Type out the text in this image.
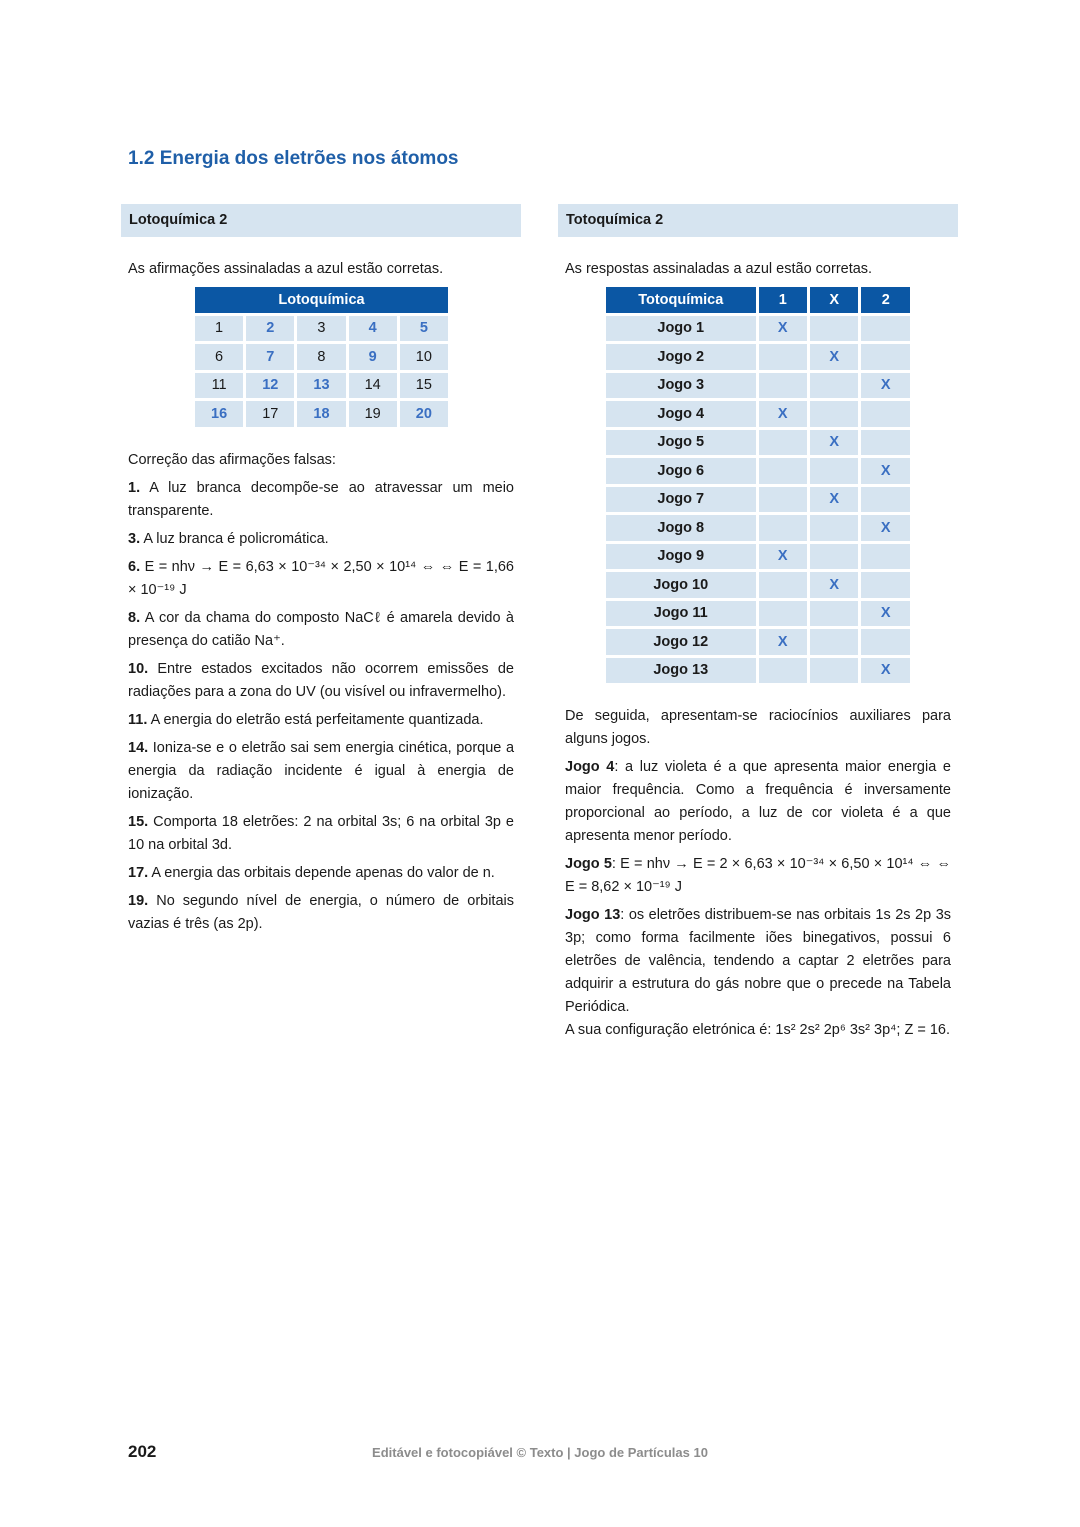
1.2 Energia dos eletrões nos átomos
Lotoquímica 2	Totoquímica 2
As afirmações assinaladas a azul estão corretas.	As respostas assinaladas a azul estão corretas.
Lotoquímica				
1	2	3	4	5
6	7	8	9	10
11	12	13	14	15
16	17	18	19	20
Totoquímica	1	X	2
Jogo 1	X		
Jogo 2		X	
Jogo 3			X
Jogo 4	X		
Jogo 5		X	
Jogo 6			X
Jogo 7		X	
Jogo 8			X
Jogo 9	X		
Jogo 10		X	
Jogo 11			X
Jogo 12	X		
Jogo 13			X

Correção das afirmações falsas:

1. A luz branca decompõe-se ao atravessar um meio transparente.

3. A luz branca é policromática.

6. E = nhν → E = 6,63 × 10⁻³⁴ × 2,50 × 10¹⁴ ⇔ ⇔ E = 1,66 × 10⁻¹⁹ J

8. A cor da chama do composto NaCℓ é amarela devido à presença do catião Na⁺.

10. Entre estados excitados não ocorrem emissões de radiações para a zona do UV (ou visível ou infravermelho).

11. A energia do eletrão está perfeitamente quantizada.

14. Ioniza-se e o eletrão sai sem energia cinética, porque a energia da radiação incidente é igual à energia de ionização.

15. Comporta 18 eletrões: 2 na orbital 3s; 6 na orbital 3p e 10 na orbital 3d.

17. A energia das orbitais depende apenas do valor de n.

19. No segundo nível de energia, o número de orbitais vazias é três (as 2p).

De seguida, apresentam-se raciocínios auxiliares para alguns jogos.

Jogo 4: a luz violeta é a que apresenta maior energia e maior frequência. Como a frequência é inversamente proporcional ao período, a luz de cor violeta é a que apresenta menor período.

Jogo 5: E = nhν → E = 2 × 6,63 × 10⁻³⁴ × 6,50 × 10¹⁴ ⇔ ⇔ E = 8,62 × 10⁻¹⁹ J

Jogo 13: os eletrões distribuem-se nas orbitais 1s 2s 2p 3s 3p; como forma facilmente iões binegativos, possui 6 eletrões de valência, tendendo a captar 2 eletrões para adquirir a estrutura do gás nobre que o precede na Tabela Periódica.

A sua configuração eletrónica é: 1s² 2s² 2p⁶ 3s² 3p⁴; Z = 16.

202	Editável e fotocopiável © Texto | Jogo de Partículas 10
